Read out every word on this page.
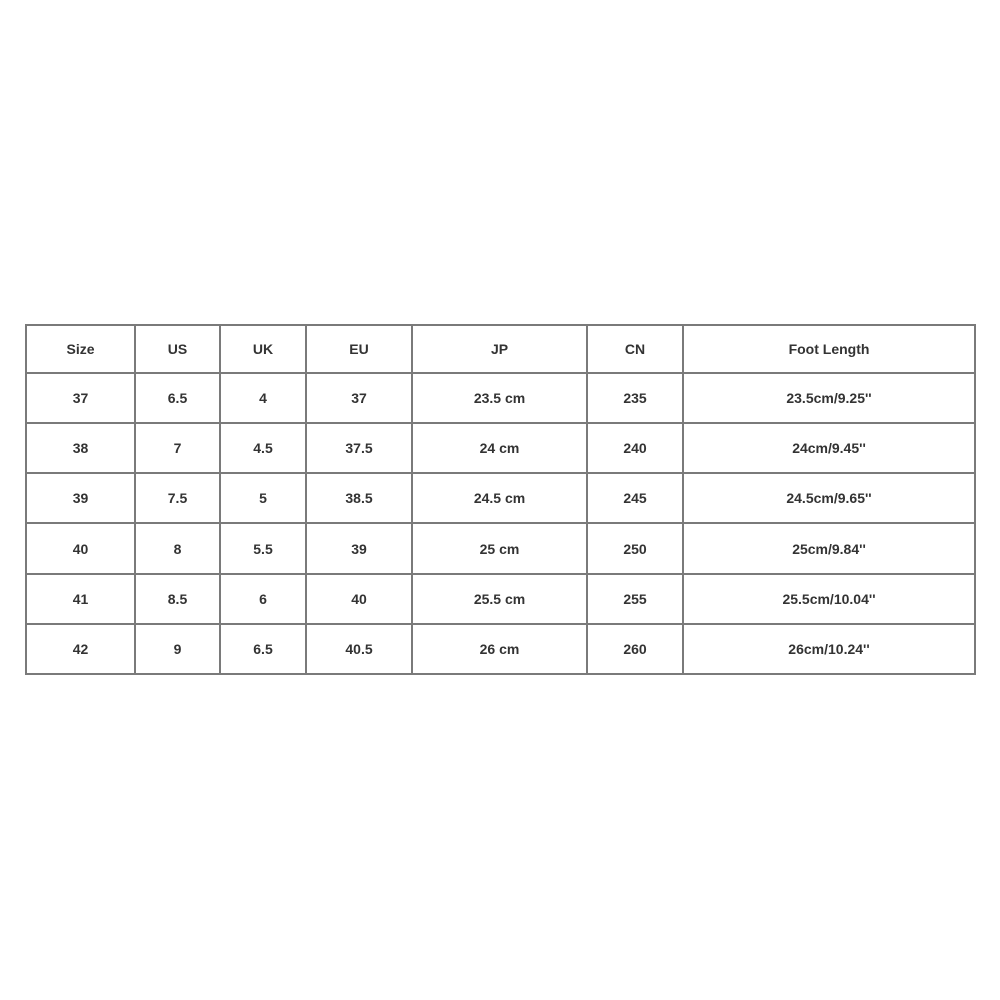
Size	US	UK	EU	JP	CN	Foot Length
37	6.5	4	37	23.5 cm	235	23.5cm/9.25''
38	7	4.5	37.5	24 cm	240	24cm/9.45''
39	7.5	5	38.5	24.5 cm	245	24.5cm/9.65''
40	8	5.5	39	25 cm	250	25cm/9.84''
41	8.5	6	40	25.5 cm	255	25.5cm/10.04''
42	9	6.5	40.5	26 cm	260	26cm/10.24''
